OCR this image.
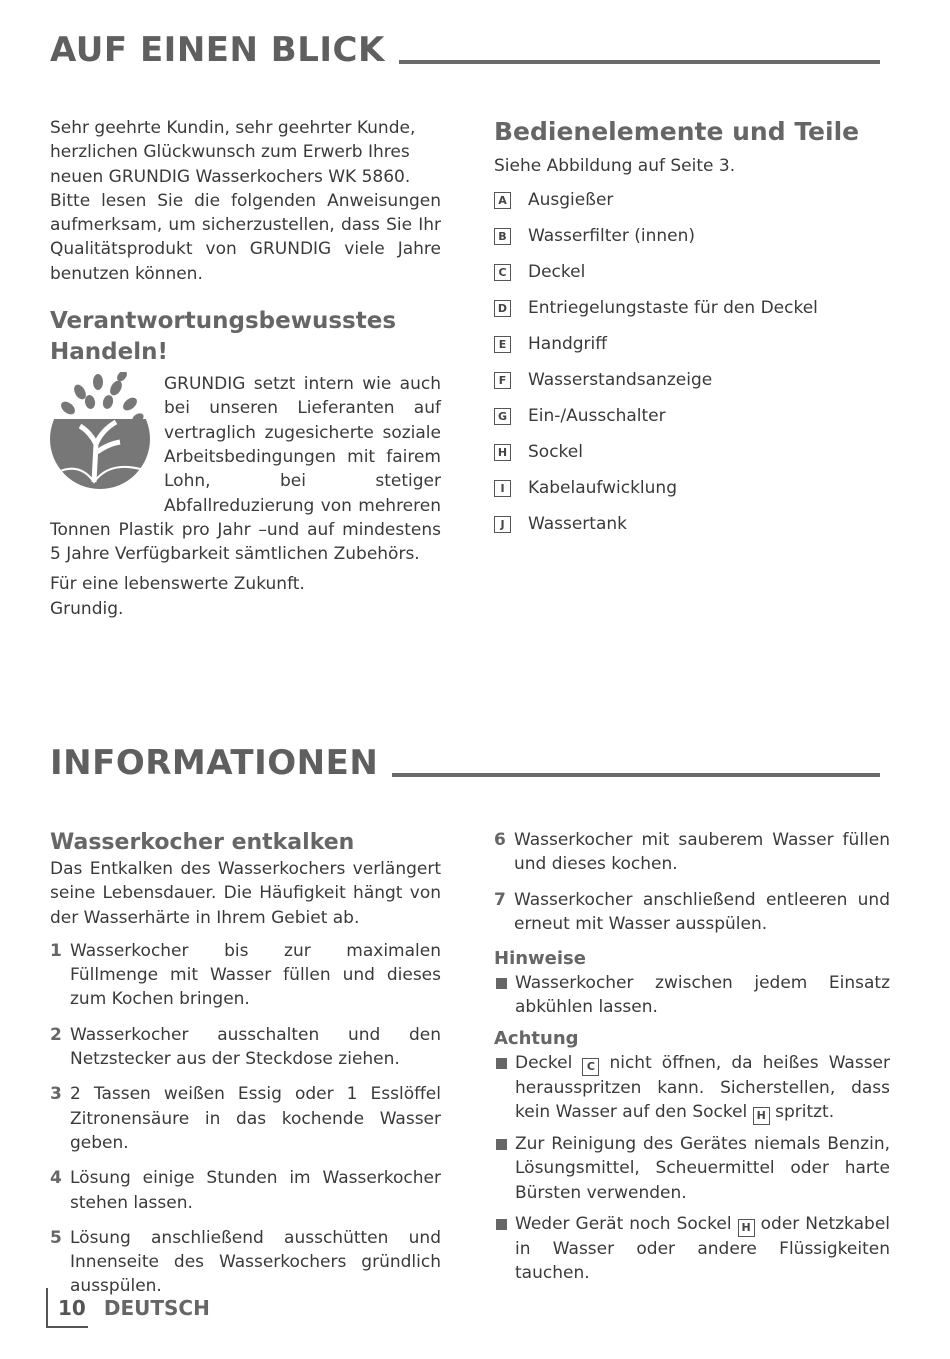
AUF EINEN BLICK

Sehr geehrte Kundin, sehr geehrter Kunde,

herzlichen Glückwunsch zum Erwerb Ihres neuen GRUNDIG Wasserkochers WK 5860.

Bitte lesen Sie die folgenden Anweisungen aufmerksam, um sicherzustellen, dass Sie Ihr Qualitätsprodukt von GRUNDIG viele Jahre benutzen können.

Verantwortungsbewusstes
Handeln!

GRUNDIG setzt intern wie auch bei unseren Lieferanten auf vertraglich zugesicherte soziale Arbeitsbedingungen mit fairem Lohn, bei stetiger Abfallreduzierung von mehreren Tonnen Plastik pro Jahr –und auf mindestens 5 Jahre Verfügbarkeit sämtlichen Zubehörs.

Für eine lebenswerte Zukunft.

Grundig.

Bedienelemente und Teile

Siehe Abbildung auf Seite 3.

A Ausgießer
B Wasserfilter (innen)
C Deckel
D Entriegelungstaste für den Deckel
E Handgriff
F Wasserstandsanzeige
G Ein-/Ausschalter
H Sockel
I	Kabelaufwicklung
J	Wassertank
INFORMATIONEN
Wasserkocher entkalken

Das Entkalken des Wasserkochers verlängert seine Lebensdauer. Die Häufigkeit hängt von der Wasserhärte in Ihrem Gebiet ab.

1 Wasserkocher bis zur maximalen Füllmenge mit Wasser füllen und dieses zum Kochen bringen.
2 Wasserkocher ausschalten und den Netzstecker aus der Steckdose ziehen.
3 2 Tassen weißen Essig oder 1 Esslöffel Zitronensäure in das kochende Wasser geben.
4 Lösung einige Stunden im Wasserkocher stehen lassen.
5 Lösung anschließend ausschütten und Innenseite des Wasserkochers gründlich ausspülen.
6 Wasserkocher mit sauberem Wasser füllen und dieses kochen.
7 Wasserkocher anschließend entleeren und erneut mit Wasser ausspülen.

Hinweise

Wasserkocher zwischen jedem Einsatz abkühlen lassen.

Achtung

Deckel C nicht öffnen, da heißes Wasser herausspritzen kann. Sicherstellen, dass kein Wasser auf den Sockel H spritzt.
Zur Reinigung des Gerätes niemals Benzin, Lösungsmittel, Scheuermittel oder harte Bürsten verwenden.
Weder Gerät noch Sockel H oder Netzkabel in Wasser oder andere Flüssigkeiten tauchen.
10 DEUTSCH
